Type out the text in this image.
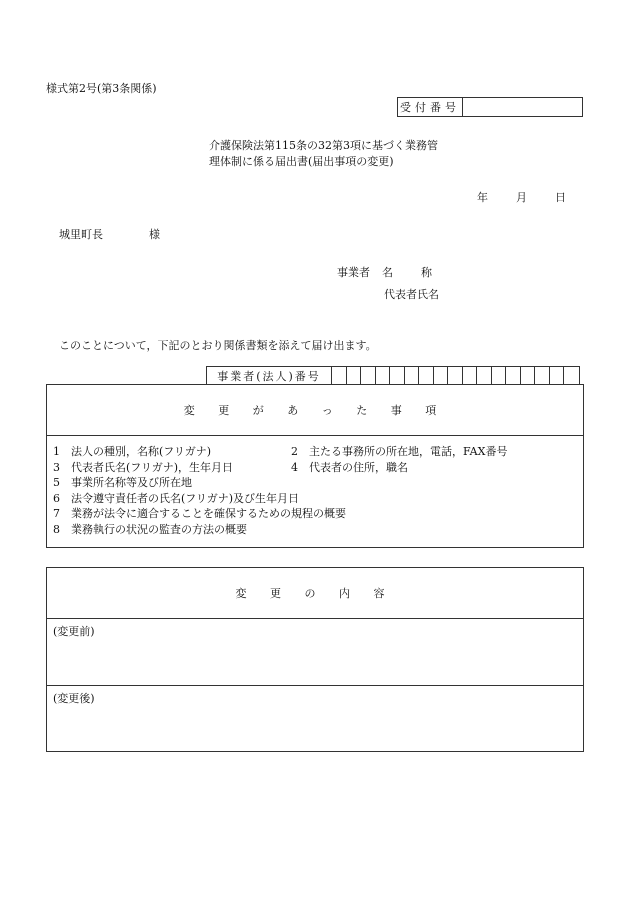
様式第2号(第3条関係)
受付番号
介護保険法第115条の32第3項に基づく業務管
理体制に係る届出書(届出事項の変更)
年	月	日
城里町長	様
事業者 名	称
代表者氏名
このことについて，下記のとおり関係書類を添えて届け出ます。
事業者(法人)番号
変 更 が あ っ た 事 項
1 法人の種別，名称(フリガナ)	2 主たる事務所の所在地，電話，FAX番号
3 代表者氏名(フリガナ)，生年月日	4 代表者の住所，職名
5 事業所名称等及び所在地
6 法令遵守責任者の氏名(フリガナ)及び生年月日
7 業務が法令に適合することを確保するための規程の概要
8 業務執行の状況の監査の方法の概要
変 更 の 内 容
(変更前)
(変更後)
